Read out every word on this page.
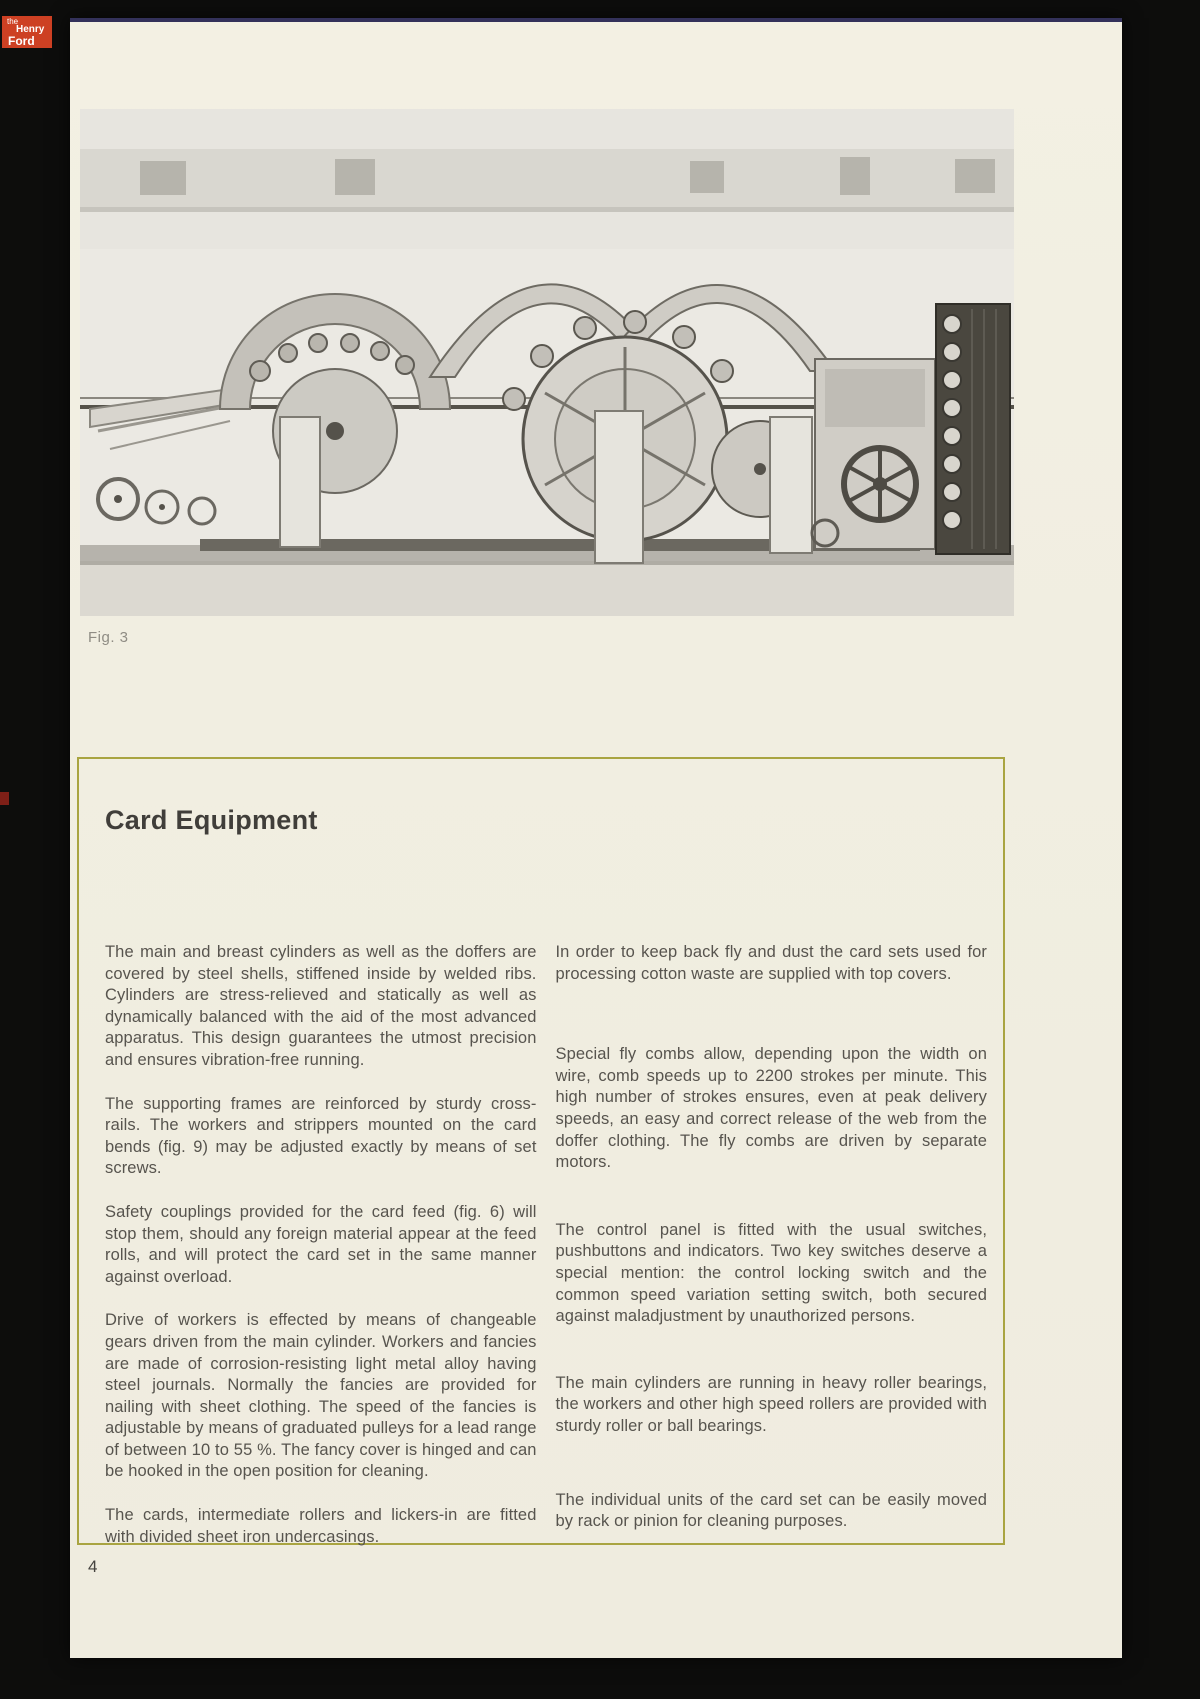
Fig. 3
Card Equipment

The main and breast cylinders as well as the doffers are covered by steel shells, stiffened inside by welded ribs. Cylinders are stress-relieved and statically as well as dynamically balanced with the aid of the most advanced apparatus. This design guarantees the utmost precision and ensures vibration-free running.

The supporting frames are reinforced by sturdy cross-rails. The workers and strippers mounted on the card bends (fig. 9) may be adjusted exactly by means of set screws.

Safety couplings provided for the card feed (fig. 6) will stop them, should any foreign material appear at the feed rolls, and will protect the card set in the same manner against overload.

Drive of workers is effected by means of changeable gears driven from the main cylinder. Workers and fancies are made of corrosion-resisting light metal alloy having steel journals. Normally the fancies are provided for nailing with sheet clothing. The speed of the fancies is adjustable by means of graduated pulleys for a lead range of between 10 to 55 %. The fancy cover is hinged and can be hooked in the open position for cleaning.

The cards, intermediate rollers and lickers-in are fitted with divided sheet iron undercasings.

In order to keep back fly and dust the card sets used for processing cotton waste are supplied with top covers.

Special fly combs allow, depending upon the width on wire, comb speeds up to 2200 strokes per minute. This high number of strokes ensures, even at peak delivery speeds, an easy and correct release of the web from the doffer clothing. The fly combs are driven by separate motors.

The control panel is fitted with the usual switches, pushbuttons and indicators. Two key switches deserve a special mention: the control locking switch and the common speed variation setting switch, both secured against maladjustment by unauthorized persons.

The main cylinders are running in heavy roller bearings, the workers and other high speed rollers are provided with sturdy roller or ball bearings.

The individual units of the card set can be easily moved by rack or pinion for cleaning purposes.

4
the
Henry
Ford
